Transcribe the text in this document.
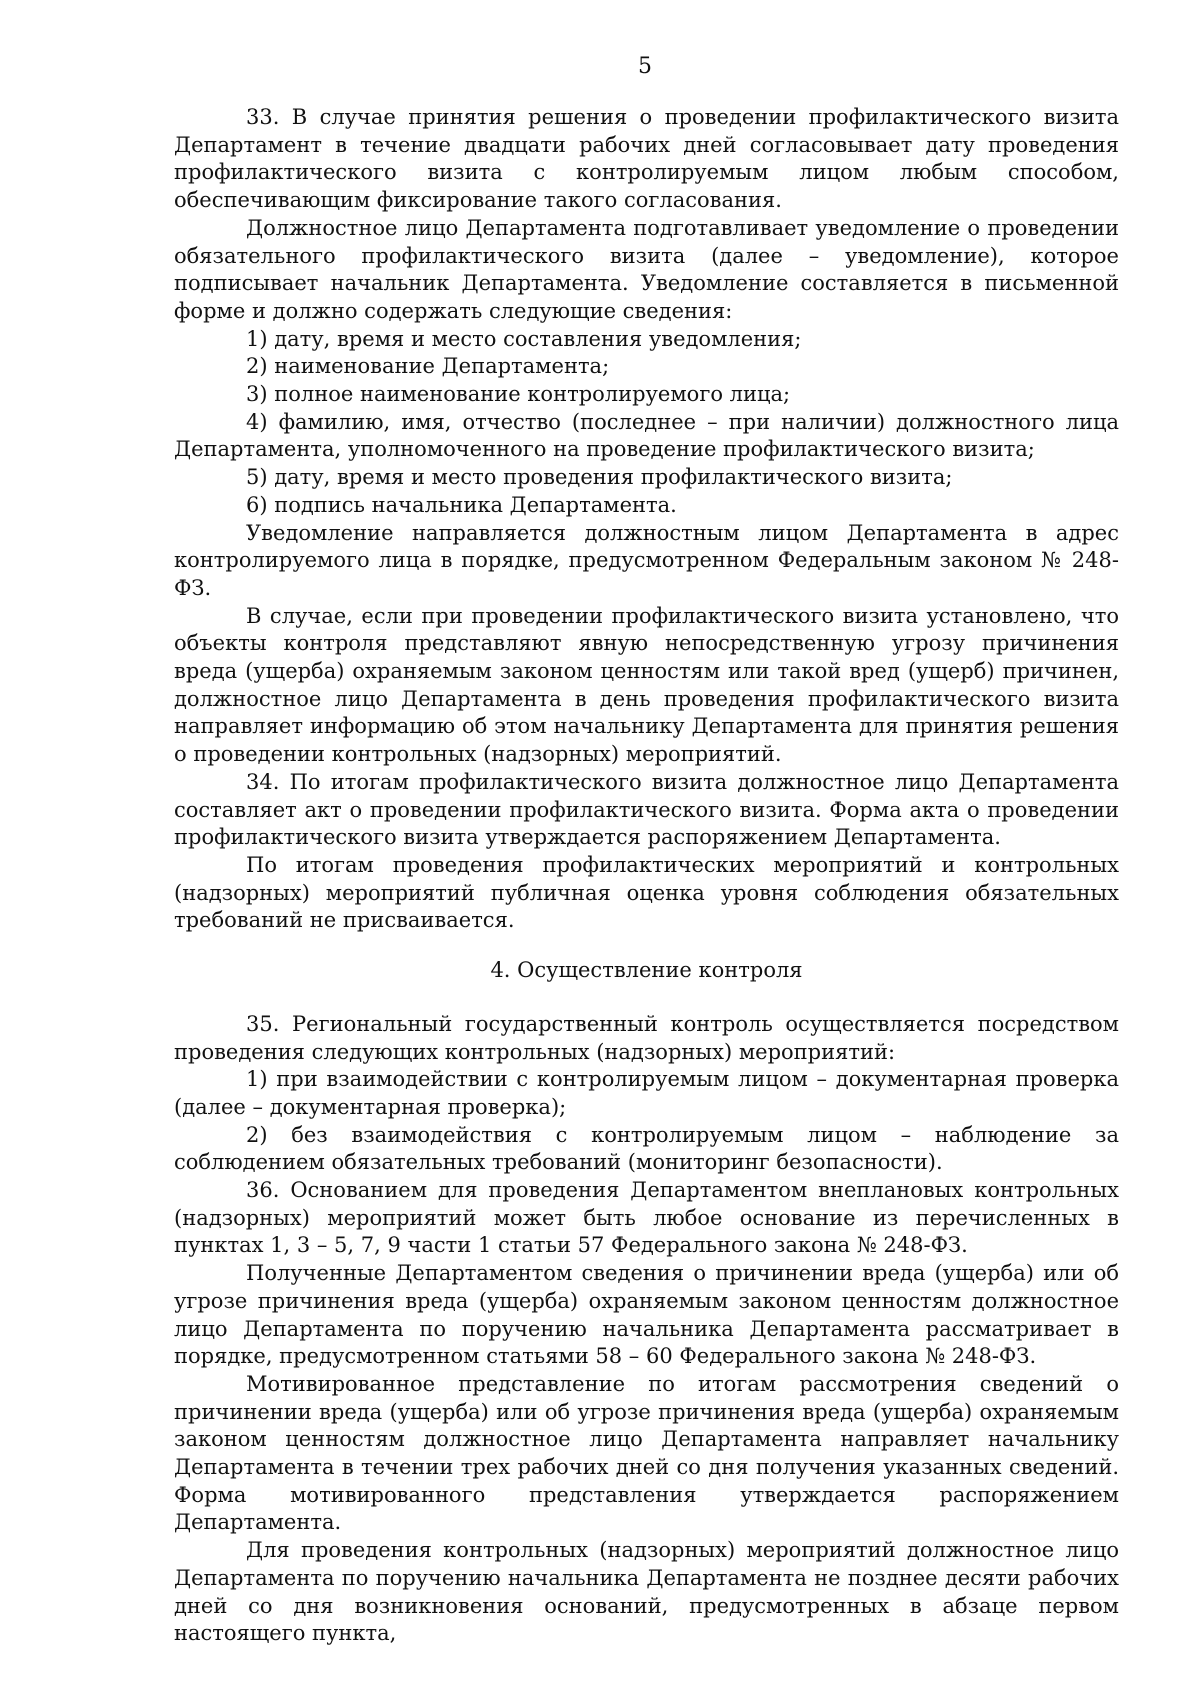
5

33. В случае принятия решения о проведении профилактического визита Департамент в течение двадцати рабочих дней согласовывает дату проведения профилактического визита с контролируемым лицом любым способом, обеспечивающим фиксирование такого согласования.

Должностное лицо Департамента подготавливает уведомление о проведении обязательного профилактического визита (далее – уведомление), которое подписывает начальник Департамента. Уведомление составляется в письменной форме и должно содержать следующие сведения:

1) дату, время и место составления уведомления;

2) наименование Департамента;

3) полное наименование контролируемого лица;

4) фамилию, имя, отчество (последнее – при наличии) должностного лица Департамента, уполномоченного на проведение профилактического визита;

5) дату, время и место проведения профилактического визита;

6) подпись начальника Департамента.

Уведомление направляется должностным лицом Департамента в адрес контролируемого лица в порядке, предусмотренном Федеральным законом № 248-ФЗ.

В случае, если при проведении профилактического визита установлено, что объекты контроля представляют явную непосредственную угрозу причинения вреда (ущерба) охраняемым законом ценностям или такой вред (ущерб) причинен, должностное лицо Департамента в день проведения профилактического визита направляет информацию об этом начальнику Департамента для принятия решения о проведении контрольных (надзорных) мероприятий.

34. По итогам профилактического визита должностное лицо Департамента составляет акт о проведении профилактического визита. Форма акта о проведении профилактического визита утверждается распоряжением Департамента.

По итогам проведения профилактических мероприятий и контрольных (надзорных) мероприятий публичная оценка уровня соблюдения обязательных требований не присваивается.

4. Осуществление контроля

35. Региональный государственный контроль осуществляется посредством проведения следующих контрольных (надзорных) мероприятий:

1) при взаимодействии с контролируемым лицом – документарная проверка (далее – документарная проверка);

2) без взаимодействия с контролируемым лицом – наблюдение за соблюдением обязательных требований (мониторинг безопасности).

36. Основанием для проведения Департаментом внеплановых контрольных (надзорных) мероприятий может быть любое основание из перечисленных в пунктах 1, 3 – 5, 7, 9 части 1 статьи 57 Федерального закона № 248-ФЗ.

Полученные Департаментом сведения о причинении вреда (ущерба) или об угрозе причинения вреда (ущерба) охраняемым законом ценностям должностное лицо Департамента по поручению начальника Департамента рассматривает в порядке, предусмотренном статьями 58 – 60 Федерального закона № 248-ФЗ.

Мотивированное представление по итогам рассмотрения сведений о причинении вреда (ущерба) или об угрозе причинения вреда (ущерба) охраняемым законом ценностям должностное лицо Департамента направляет начальнику Департамента в течении трех рабочих дней со дня получения указанных сведений. Форма мотивированного представления утверждается распоряжением Департамента.

Для проведения контрольных (надзорных) мероприятий должностное лицо Департамента по поручению начальника Департамента не позднее десяти рабочих дней со дня возникновения оснований, предусмотренных в абзаце первом настоящего пункта,
